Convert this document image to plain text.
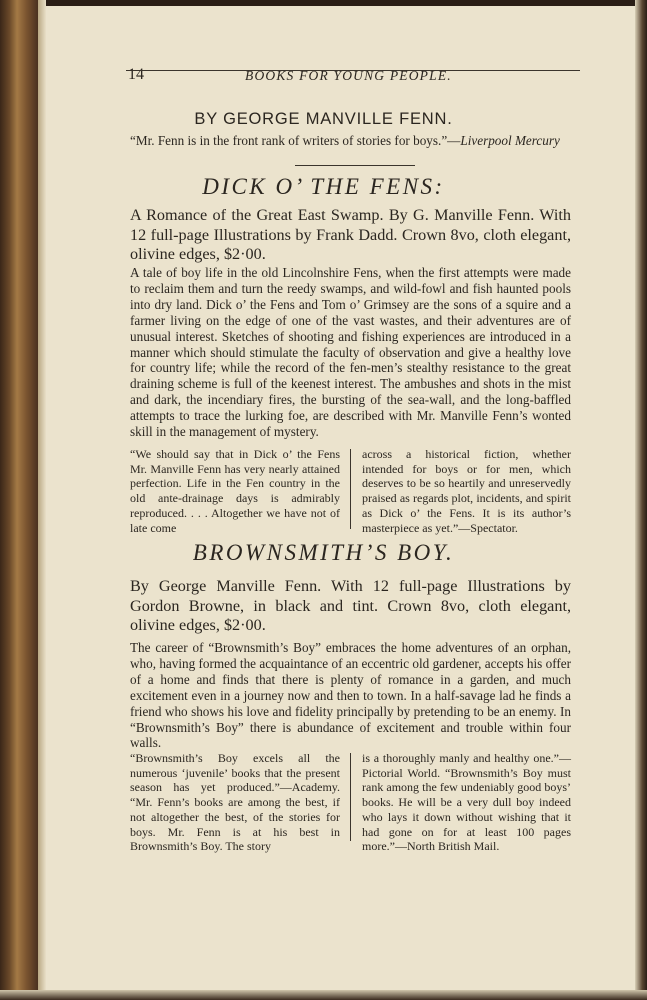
14	BOOKS FOR YOUNG PEOPLE.
BY GEORGE MANVILLE FENN.
“Mr. Fenn is in the front rank of writers of stories for boys.”—Liverpool Mercury
DICK O’ THE FENS:
A Romance of the Great East Swamp. By G. Manville Fenn. With 12 full-page Illustrations by Frank Dadd. Crown 8vo, cloth elegant, olivine edges, $2·00.
A tale of boy life in the old Lincolnshire Fens, when the first attempts were made to reclaim them and turn the reedy swamps, and wild-fowl and fish haunted pools into dry land. Dick o’ the Fens and Tom o’ Grimsey are the sons of a squire and a farmer living on the edge of one of the vast wastes, and their adventures are of unusual interest. Sketches of shooting and fishing experiences are introduced in a manner which should stimulate the faculty of observation and give a healthy love for country life; while the record of the fen-men’s stealthy resistance to the great draining scheme is full of the keenest interest. The ambushes and shots in the mist and dark, the incendiary fires, the bursting of the sea-wall, and the long-baffled attempts to trace the lurking foe, are described with Mr. Manville Fenn’s wonted skill in the management of mystery.
“We should say that in Dick o’ the Fens Mr. Manville Fenn has very nearly attained perfection. Life in the Fen country in the old ante-drainage days is admirably reproduced. . . . Altogether we have not of late come
across a historical fiction, whether intended for boys or for men, which deserves to be so heartily and unreservedly praised as regards plot, incidents, and spirit as Dick o’ the Fens. It is its author’s masterpiece as yet.”—Spectator.
BROWNSMITH’S BOY.
By George Manville Fenn. With 12 full-page Illustrations by Gordon Browne, in black and tint. Crown 8vo, cloth elegant, olivine edges, $2·00.
The career of “Brownsmith’s Boy” embraces the home adventures of an orphan, who, having formed the acquaintance of an eccentric old gardener, accepts his offer of a home and finds that there is plenty of romance in a garden, and much excitement even in a journey now and then to town. In a half-savage lad he finds a friend who shows his love and fidelity principally by pretending to be an enemy. In “Brownsmith’s Boy” there is abundance of excitement and trouble within four walls.
“Brownsmith’s Boy excels all the numerous ‘juvenile’ books that the present season has yet produced.”—Academy. “Mr. Fenn’s books are among the best, if not altogether the best, of the stories for boys. Mr. Fenn is at his best in Brownsmith’s Boy. The story
is a thoroughly manly and healthy one.”—Pictorial World. “Brownsmith’s Boy must rank among the few undeniably good boys’ books. He will be a very dull boy indeed who lays it down without wishing that it had gone on for at least 100 pages more.”—North British Mail.
